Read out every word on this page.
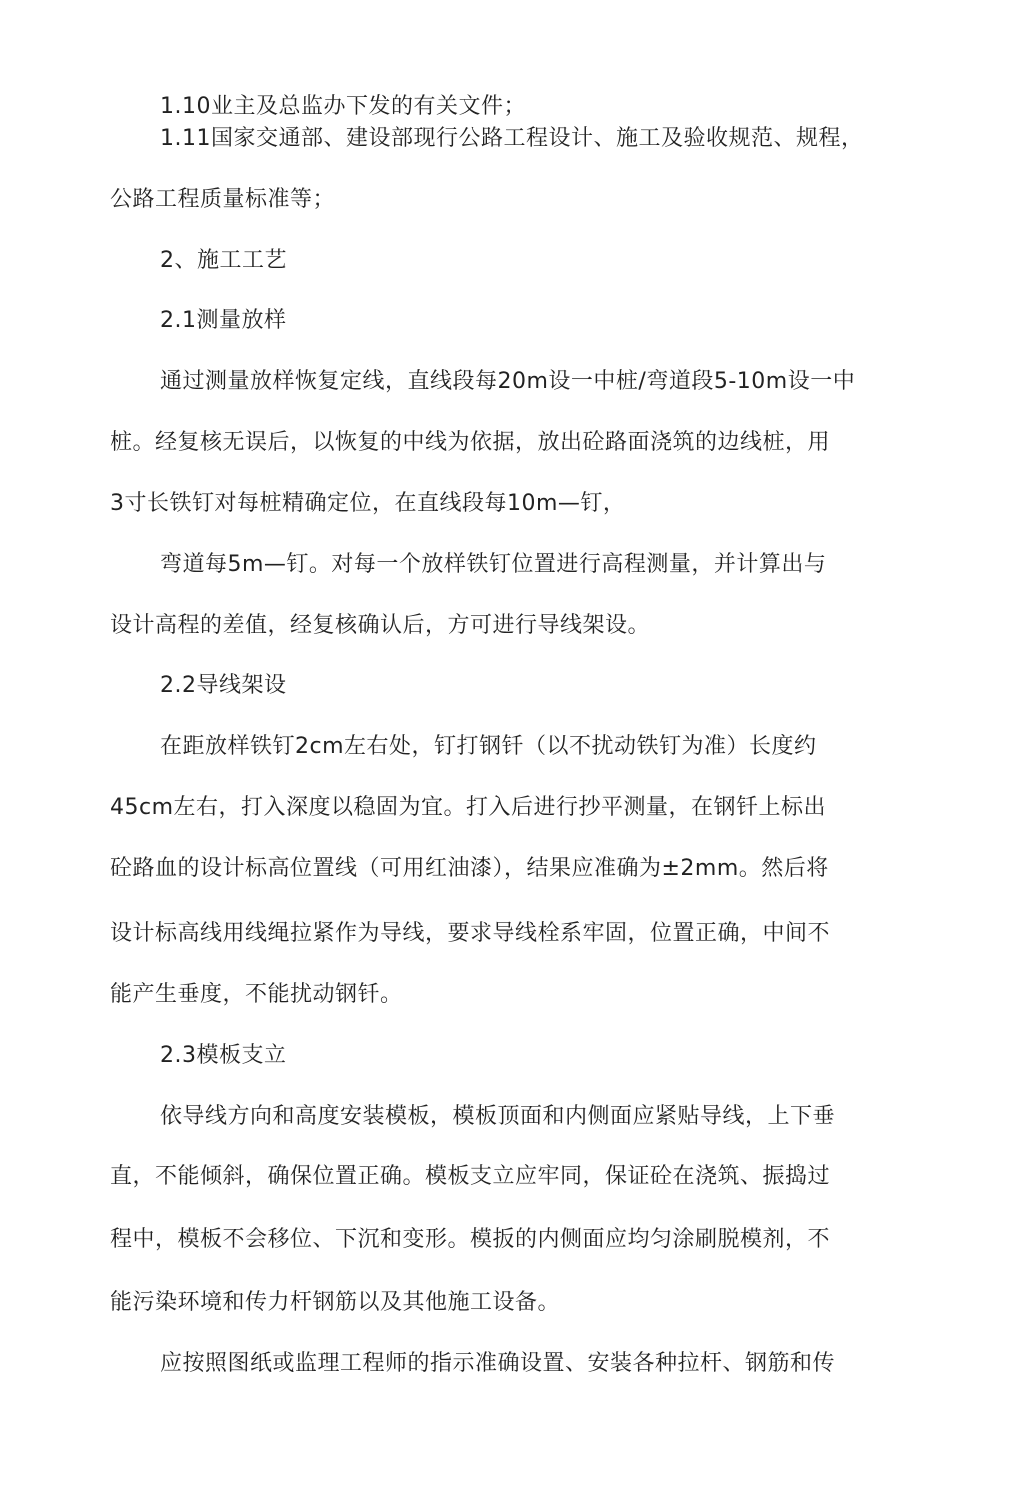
1.10业主及总监办下发的有关文件；
1.11国家交通部、建设部现行公路工程设计、施工及验收规范、规程，
公路工程质量标准等；
2、施工工艺
2.1测量放样
通过测量放样恢复定线，直线段每20m设一中桩/弯道段5-10m设一中
桩。经复核无误后，以恢复的中线为依据，放出砼路面浇筑的边线桩，用
3寸长铁钉对每桩精确定位，在直线段每10m—钉，
弯道每5m—钉。对每一个放样铁钉位置进行高程测量，并计算出与
设计高程的差值，经复核确认后，方可进行导线架设。
2.2导线架设
在距放样铁钉2cm左右处，钉打钢钎（以不扰动铁钉为准）长度约
45cm左右，打入深度以稳固为宜。打入后进行抄平测量，在钢钎上标出
砼路血的设计标高位置线（可用红油漆），结果应准确为±2mm。然后将
设计标高线用线绳拉紧作为导线，要求导线栓系牢固，位置正确，中间不
能产生垂度，不能扰动钢钎。
2.3模板支立
依导线方向和高度安装模板，模板顶面和内侧面应紧贴导线，上下垂
直，不能倾斜，确保位置正确。模板支立应牢同，保证砼在浇筑、振捣过
程中，模板不会移位、下沉和变形。模扳的内侧面应均匀涂刷脱模剂，不
能污染环境和传力杆钢筋以及其他施工设备。
应按照图纸或监理工程师的指示准确设置、安装各种拉杆、钢筋和传
